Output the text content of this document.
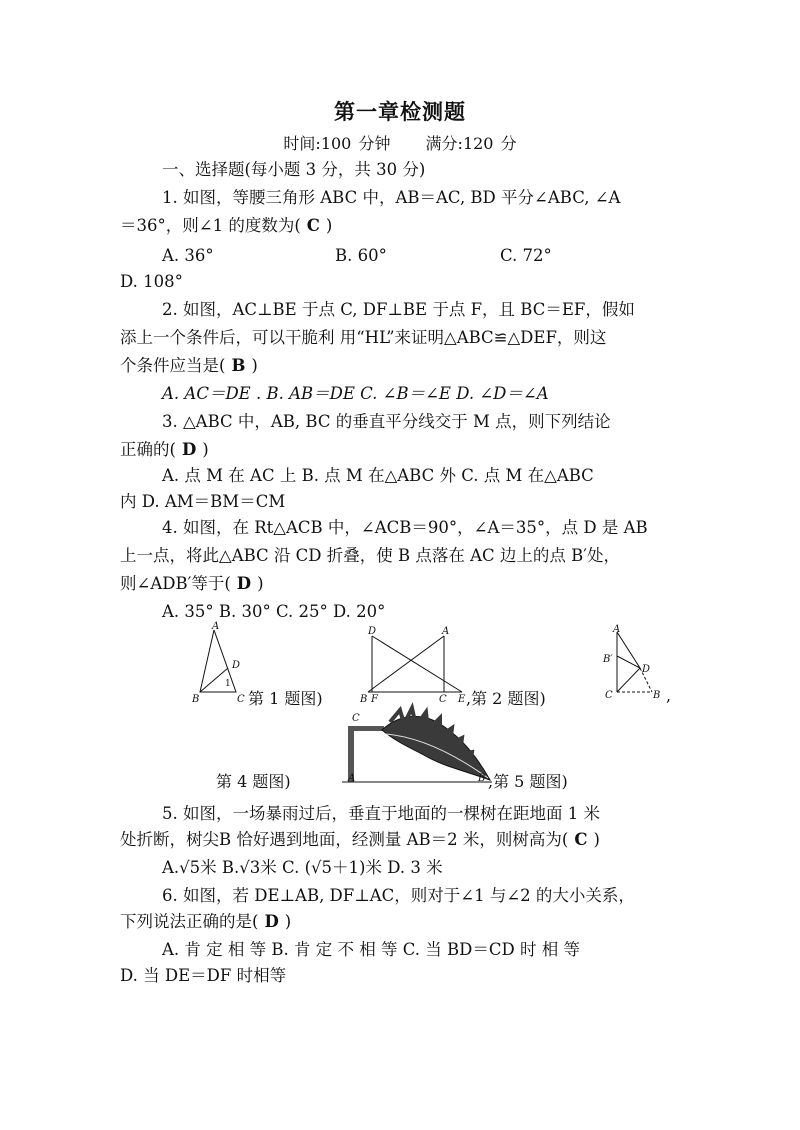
第一章检测题
时间:100 分钟 满分:120 分
一、选择题(每小题 3 分，共 30 分)
1. 如图，等腰三角形 ABC 中，AB＝AC, BD 平分∠ABC, ∠A
＝36°，则∠1 的度数为( C )
A. 36°	B. 60°	C. 72°
D. 108°
2. 如图，AC⊥BE 于点 C, DF⊥BE 于点 F，且 BC＝EF，假如
添上一个条件后，可以干脆利 用“HL”来证明△ABC≌△DEF，则这
个条件应当是( B )
A. AC＝DE . B. AB＝DE C. ∠B＝∠E D. ∠D＝∠A
3. △ABC 中，AB, BC 的垂直平分线交于 M 点，则下列结论
正确的( D )
A. 点 M 在 AC 上 B. 点 M 在△ABC 外 C. 点 M 在△ABC
内 D. AM＝BM＝CM
4. 如图，在 Rt△ACB 中，∠ACB＝90°，∠A＝35°，点 D 是 AB
上一点，将此△ABC 沿 CD 折叠，使 B 点落在 AC 边上的点 B′处，
则∠ADB′等于( D )
A. 35° B. 30° C. 25° D. 20°
A
B	C
D
1
第 1 题图)
D	A
B F	C E ,第 2 题图)
A
B′
D
C	B ,
C
A	B
第 4 题图)	,第 5 题图)
5. 如图，一场暴雨过后，垂直于地面的一棵树在距地面 1 米
处折断，树尖B 恰好遇到地面，经测量 AB＝2 米，则树高为( C )
A.√5米 B.√3米 C. (√5＋1)米 D. 3 米
6. 如图，若 DE⊥AB, DF⊥AC，则对于∠1 与∠2 的大小关系，
下列说法正确的是( D )
A. 肯 定 相 等 B. 肯 定 不 相 等 C. 当 BD＝CD 时 相 等
D. 当 DE＝DF 时相等
